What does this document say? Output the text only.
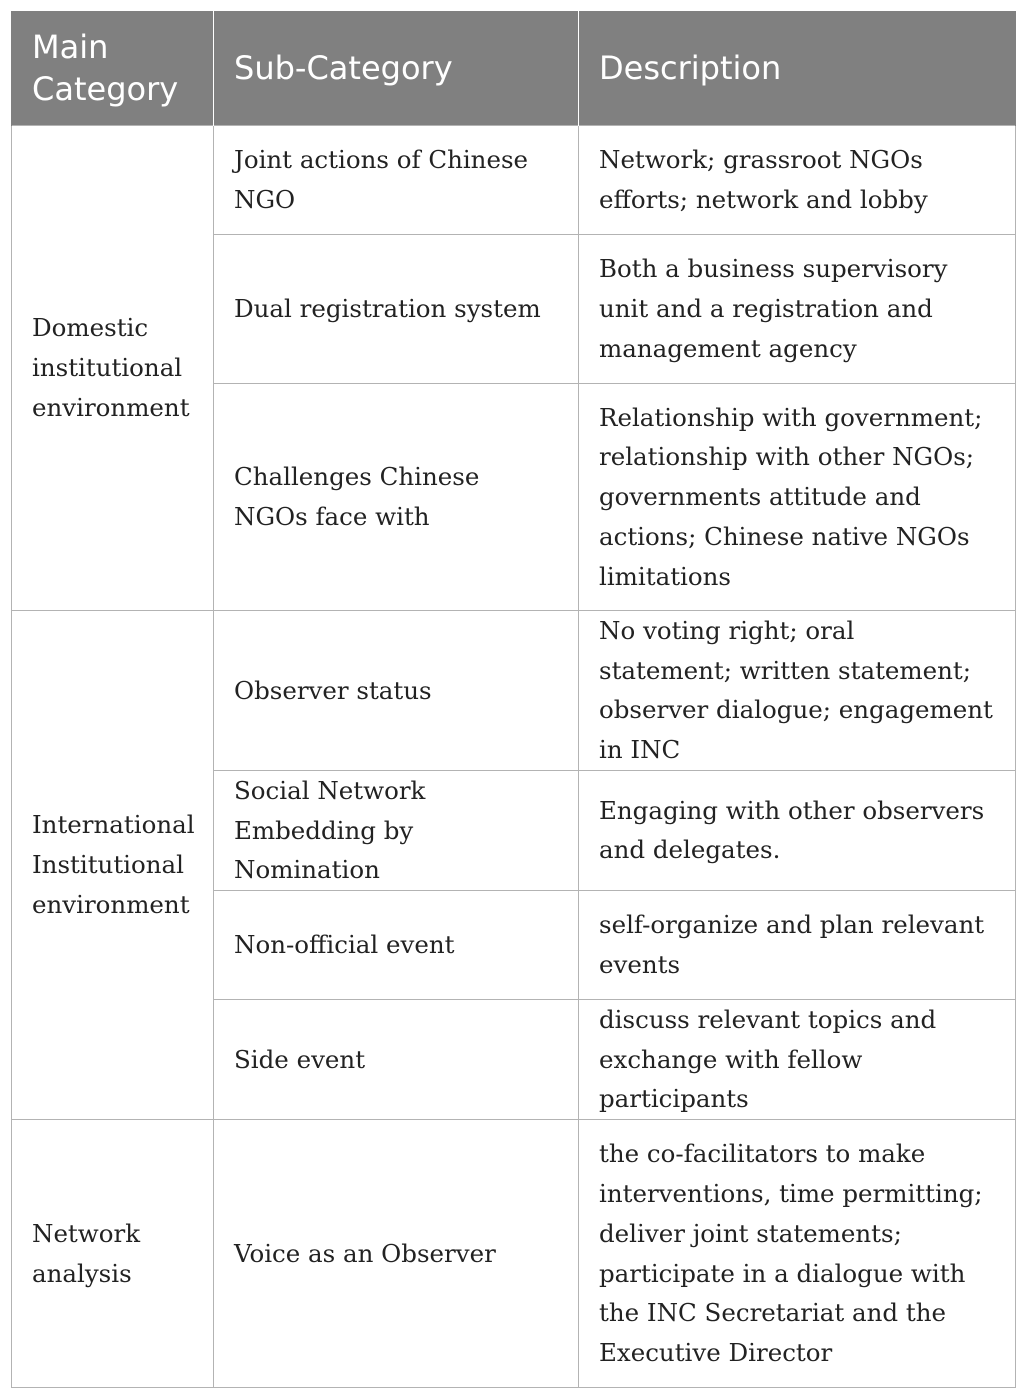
Main Category	Sub-Category	Description
Domestic institutional environment	Joint actions of Chinese NGO	Network; grassroot NGOs efforts; network and lobby
	Dual registration system	Both a business supervisory unit and a registration and management agency
	Challenges Chinese NGOs face with	Relationship with government; relationship with other NGOs; governments attitude and actions; Chinese native NGOs limitations
International Institutional environment	Observer status	No voting right; oral statement; written statement; observer dialogue; engagement in INC
	Social Network Embedding by Nomination	Engaging with other observers and delegates.
	Non-official event	self-organize and plan relevant events
	Side event	discuss relevant topics and exchange with fellow participants
Network analysis	Voice as an Observer	the co-facilitators to make interventions, time permitting; deliver joint statements; participate in a dialogue with the INC Secretariat and the Executive Director
